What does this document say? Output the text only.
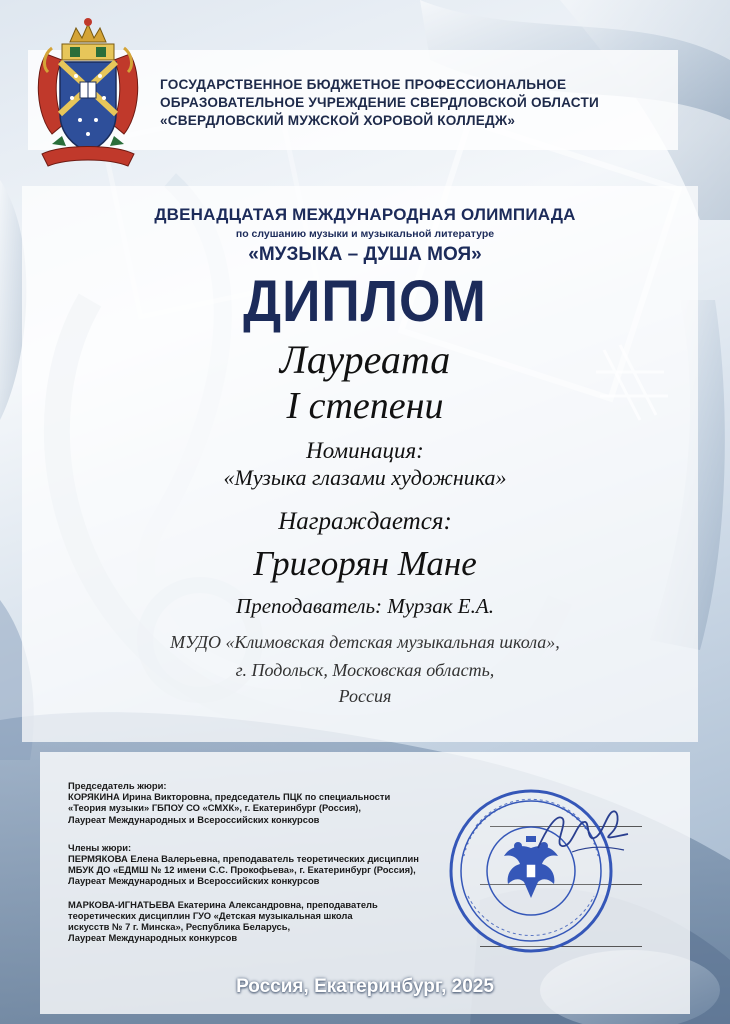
ГОСУДАРСТВЕННОЕ БЮДЖЕТНОЕ ПРОФЕССИОНАЛЬНОЕ
ОБРАЗОВАТЕЛЬНОЕ УЧРЕЖДЕНИЕ СВЕРДЛОВСКОЙ ОБЛАСТИ
«СВЕРДЛОВСКИЙ МУЖСКОЙ ХОРОВОЙ КОЛЛЕДЖ»
ДВЕНАДЦАТАЯ МЕЖДУНАРОДНАЯ ОЛИМПИАДА
по слушанию музыки и музыкальной литературе
«МУЗЫКА – ДУША МОЯ»
ДИПЛОМ
Лауреата
I степени
Номинация:
«Музыка глазами художника»
Награждается:
Григорян Мане
Преподаватель: Мурзак Е.А.
МУДО «Климовская детская музыкальная школа»,
г. Подольск, Московская область,
Россия
Председатель жюри:
КОРЯКИНА Ирина Викторовна, председатель ПЦК по специальности
«Теория музыки» ГБПОУ СО «СМХК», г. Екатеринбург (Россия),
Лауреат Международных и Всероссийских конкурсов
Члены жюри:
ПЕРМЯКОВА Елена Валерьевна, преподаватель теоретических дисциплин
МБУК ДО «ЕДМШ № 12 имени С.С. Прокофьева», г. Екатеринбург (Россия),
Лауреат Международных и Всероссийских конкурсов
МАРКОВА-ИГНАТЬЕВА Екатерина Александровна, преподаватель
теоретических дисциплин ГУО «Детская музыкальная школа
искусств № 7 г. Минска», Республика Беларусь,
Лауреат Международных конкурсов
Россия, Екатеринбург, 2025
